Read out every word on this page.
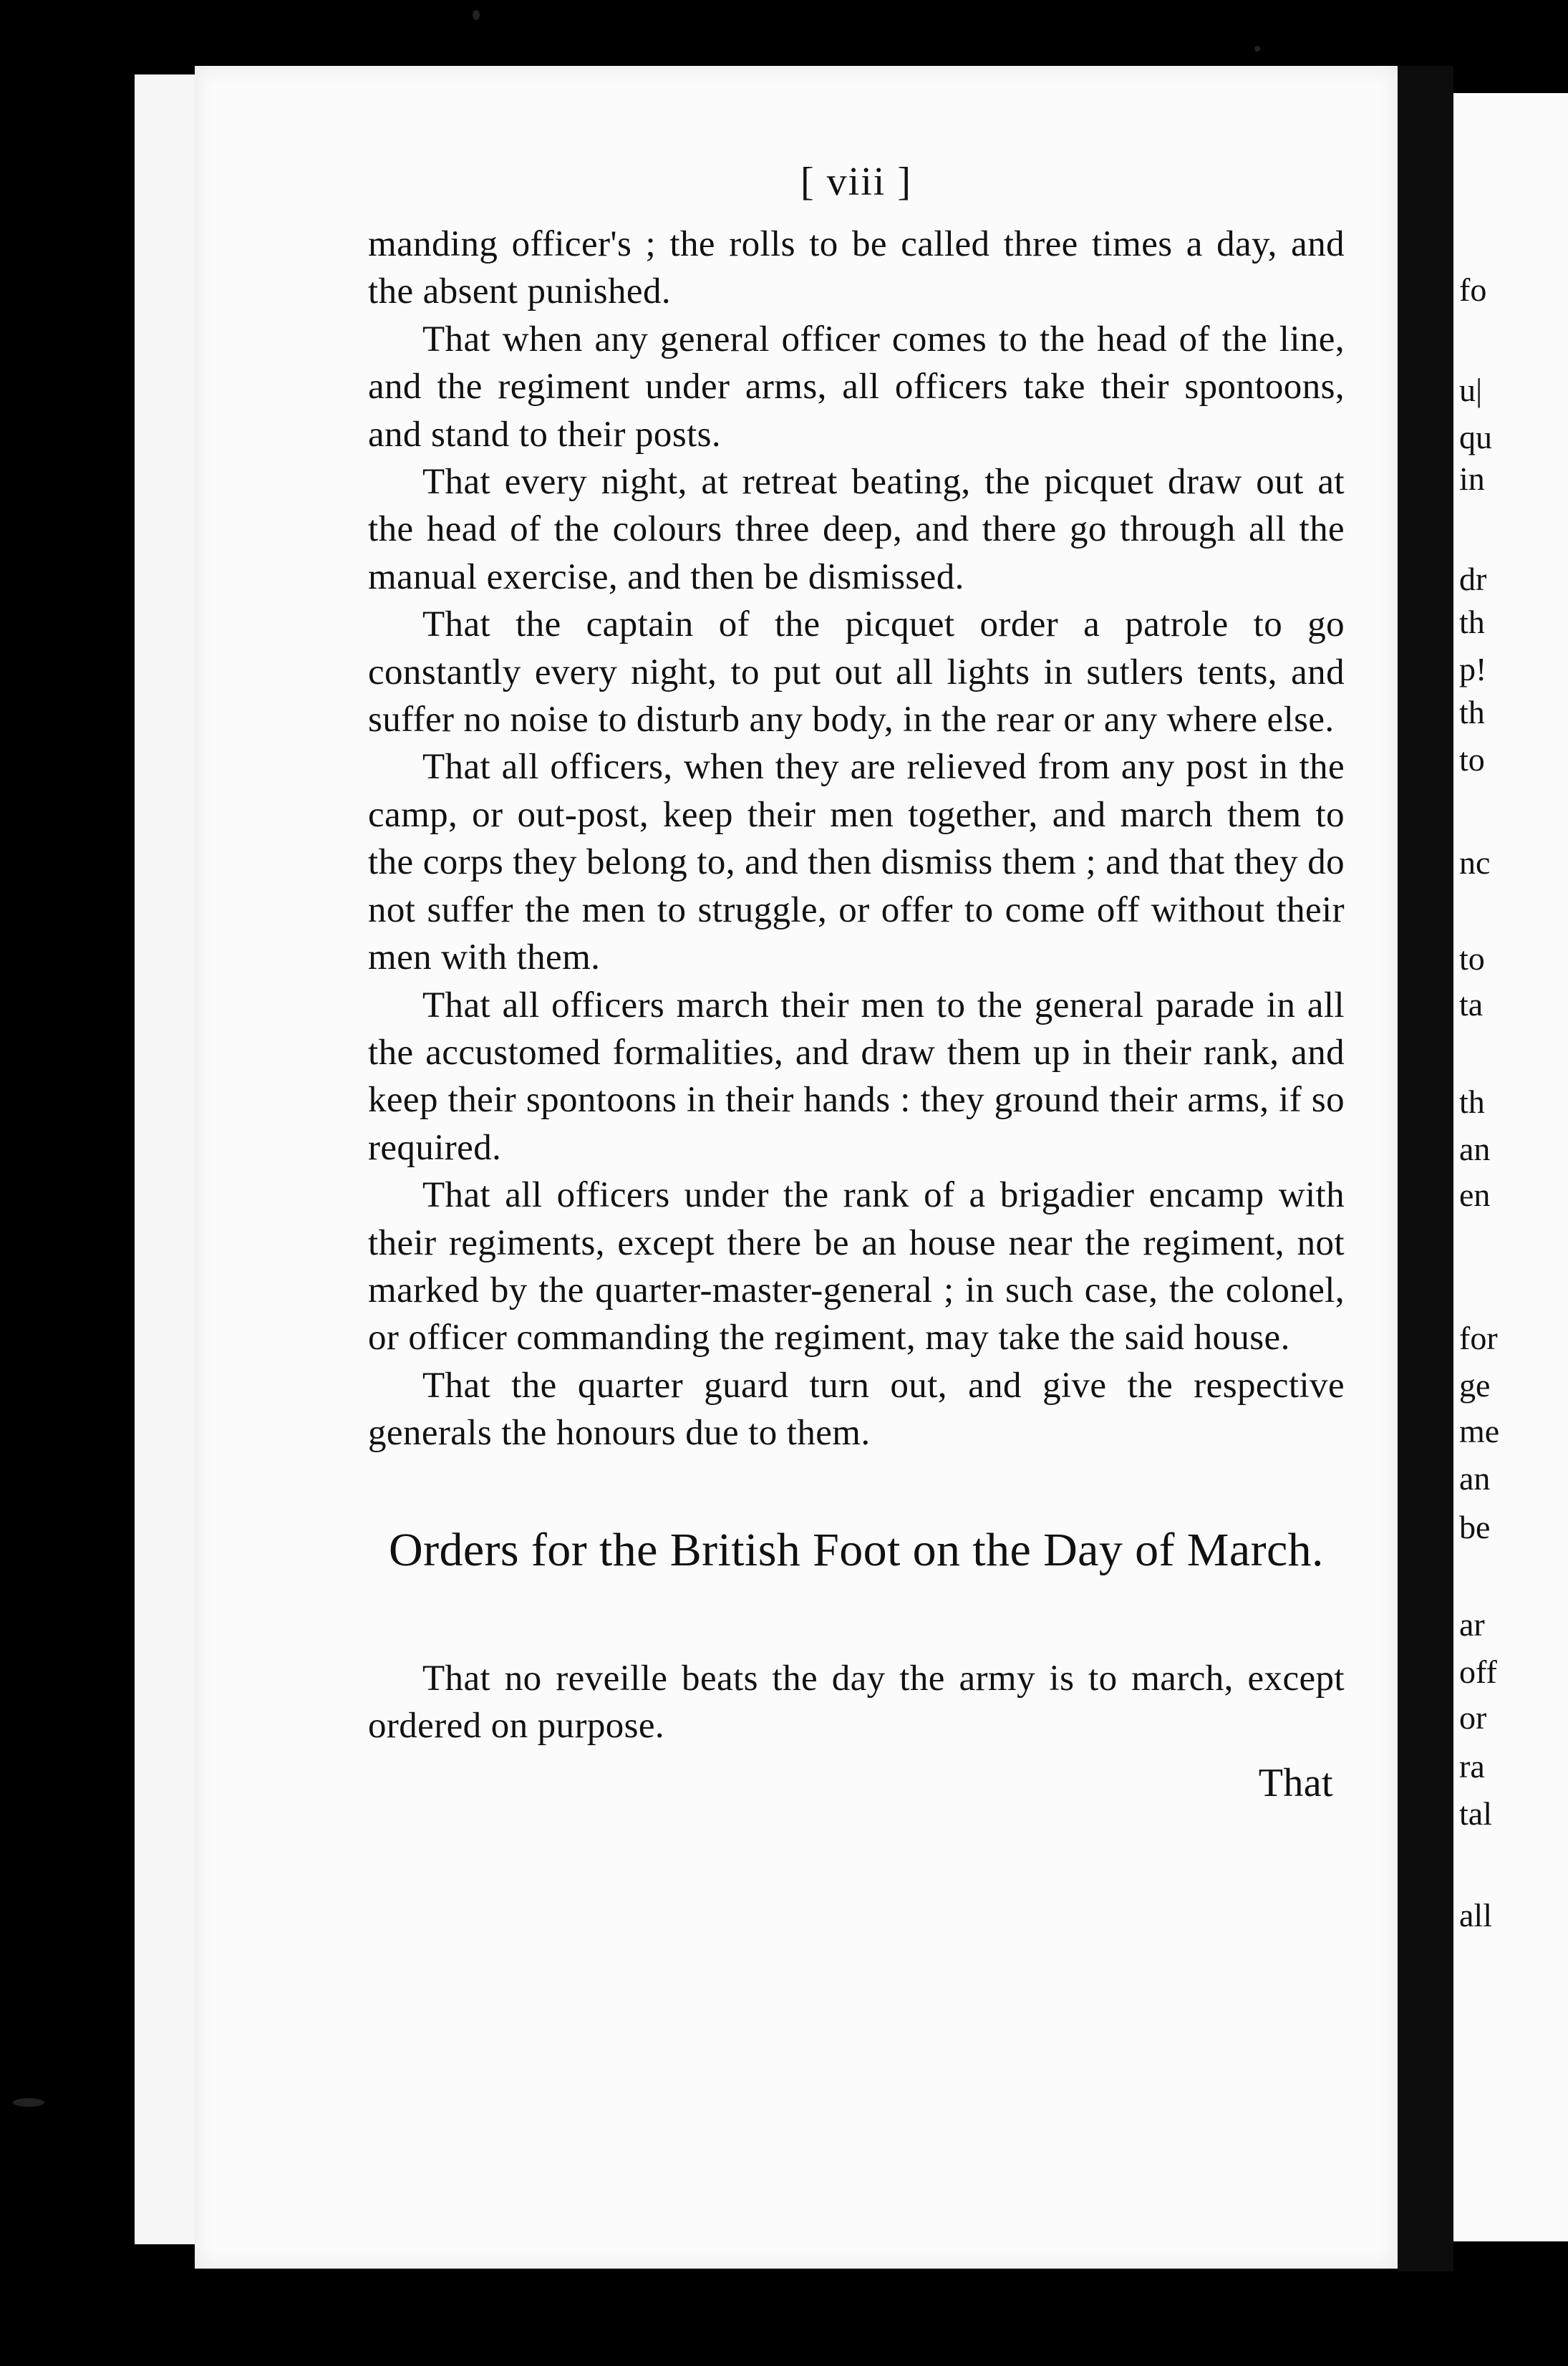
fo
u|
qu
in
dr
th
p!
th
to
nc
to
ta
th
an
en
for
ge
me
an
be
ar
off
or
ra
tal
all
[ viii ]

manding officer's ; the rolls to be called three times a day, and the absent punished.

That when any general officer comes to the head of the line, and the regiment under arms, all officers take their spontoons, and stand to their posts.

That every night, at retreat beating, the picquet draw out at the head of the colours three deep, and there go through all the manual exercise, and then be dismissed.

That the captain of the picquet order a patrole to go constantly every night, to put out all lights in sutlers tents, and suffer no noise to disturb any body, in the rear or any where else.

That all officers, when they are relieved from any post in the camp, or out-post, keep their men together, and march them to the corps they belong to, and then dismiss them ; and that they do not suffer the men to struggle, or offer to come off without their men with them.

That all officers march their men to the general parade in all the accustomed formalities, and draw them up in their rank, and keep their spontoons in their hands : they ground their arms, if so required.

That all officers under the rank of a brigadier encamp with their regiments, except there be an house near the regiment, not marked by the quarter-master-general ; in such case, the colonel, or officer commanding the regiment, may take the said house.

That the quarter guard turn out, and give the respective generals the honours due to them.

Orders for the British Foot on the Day of March.

That no reveille beats the day the army is to march, except ordered on purpose.

That
